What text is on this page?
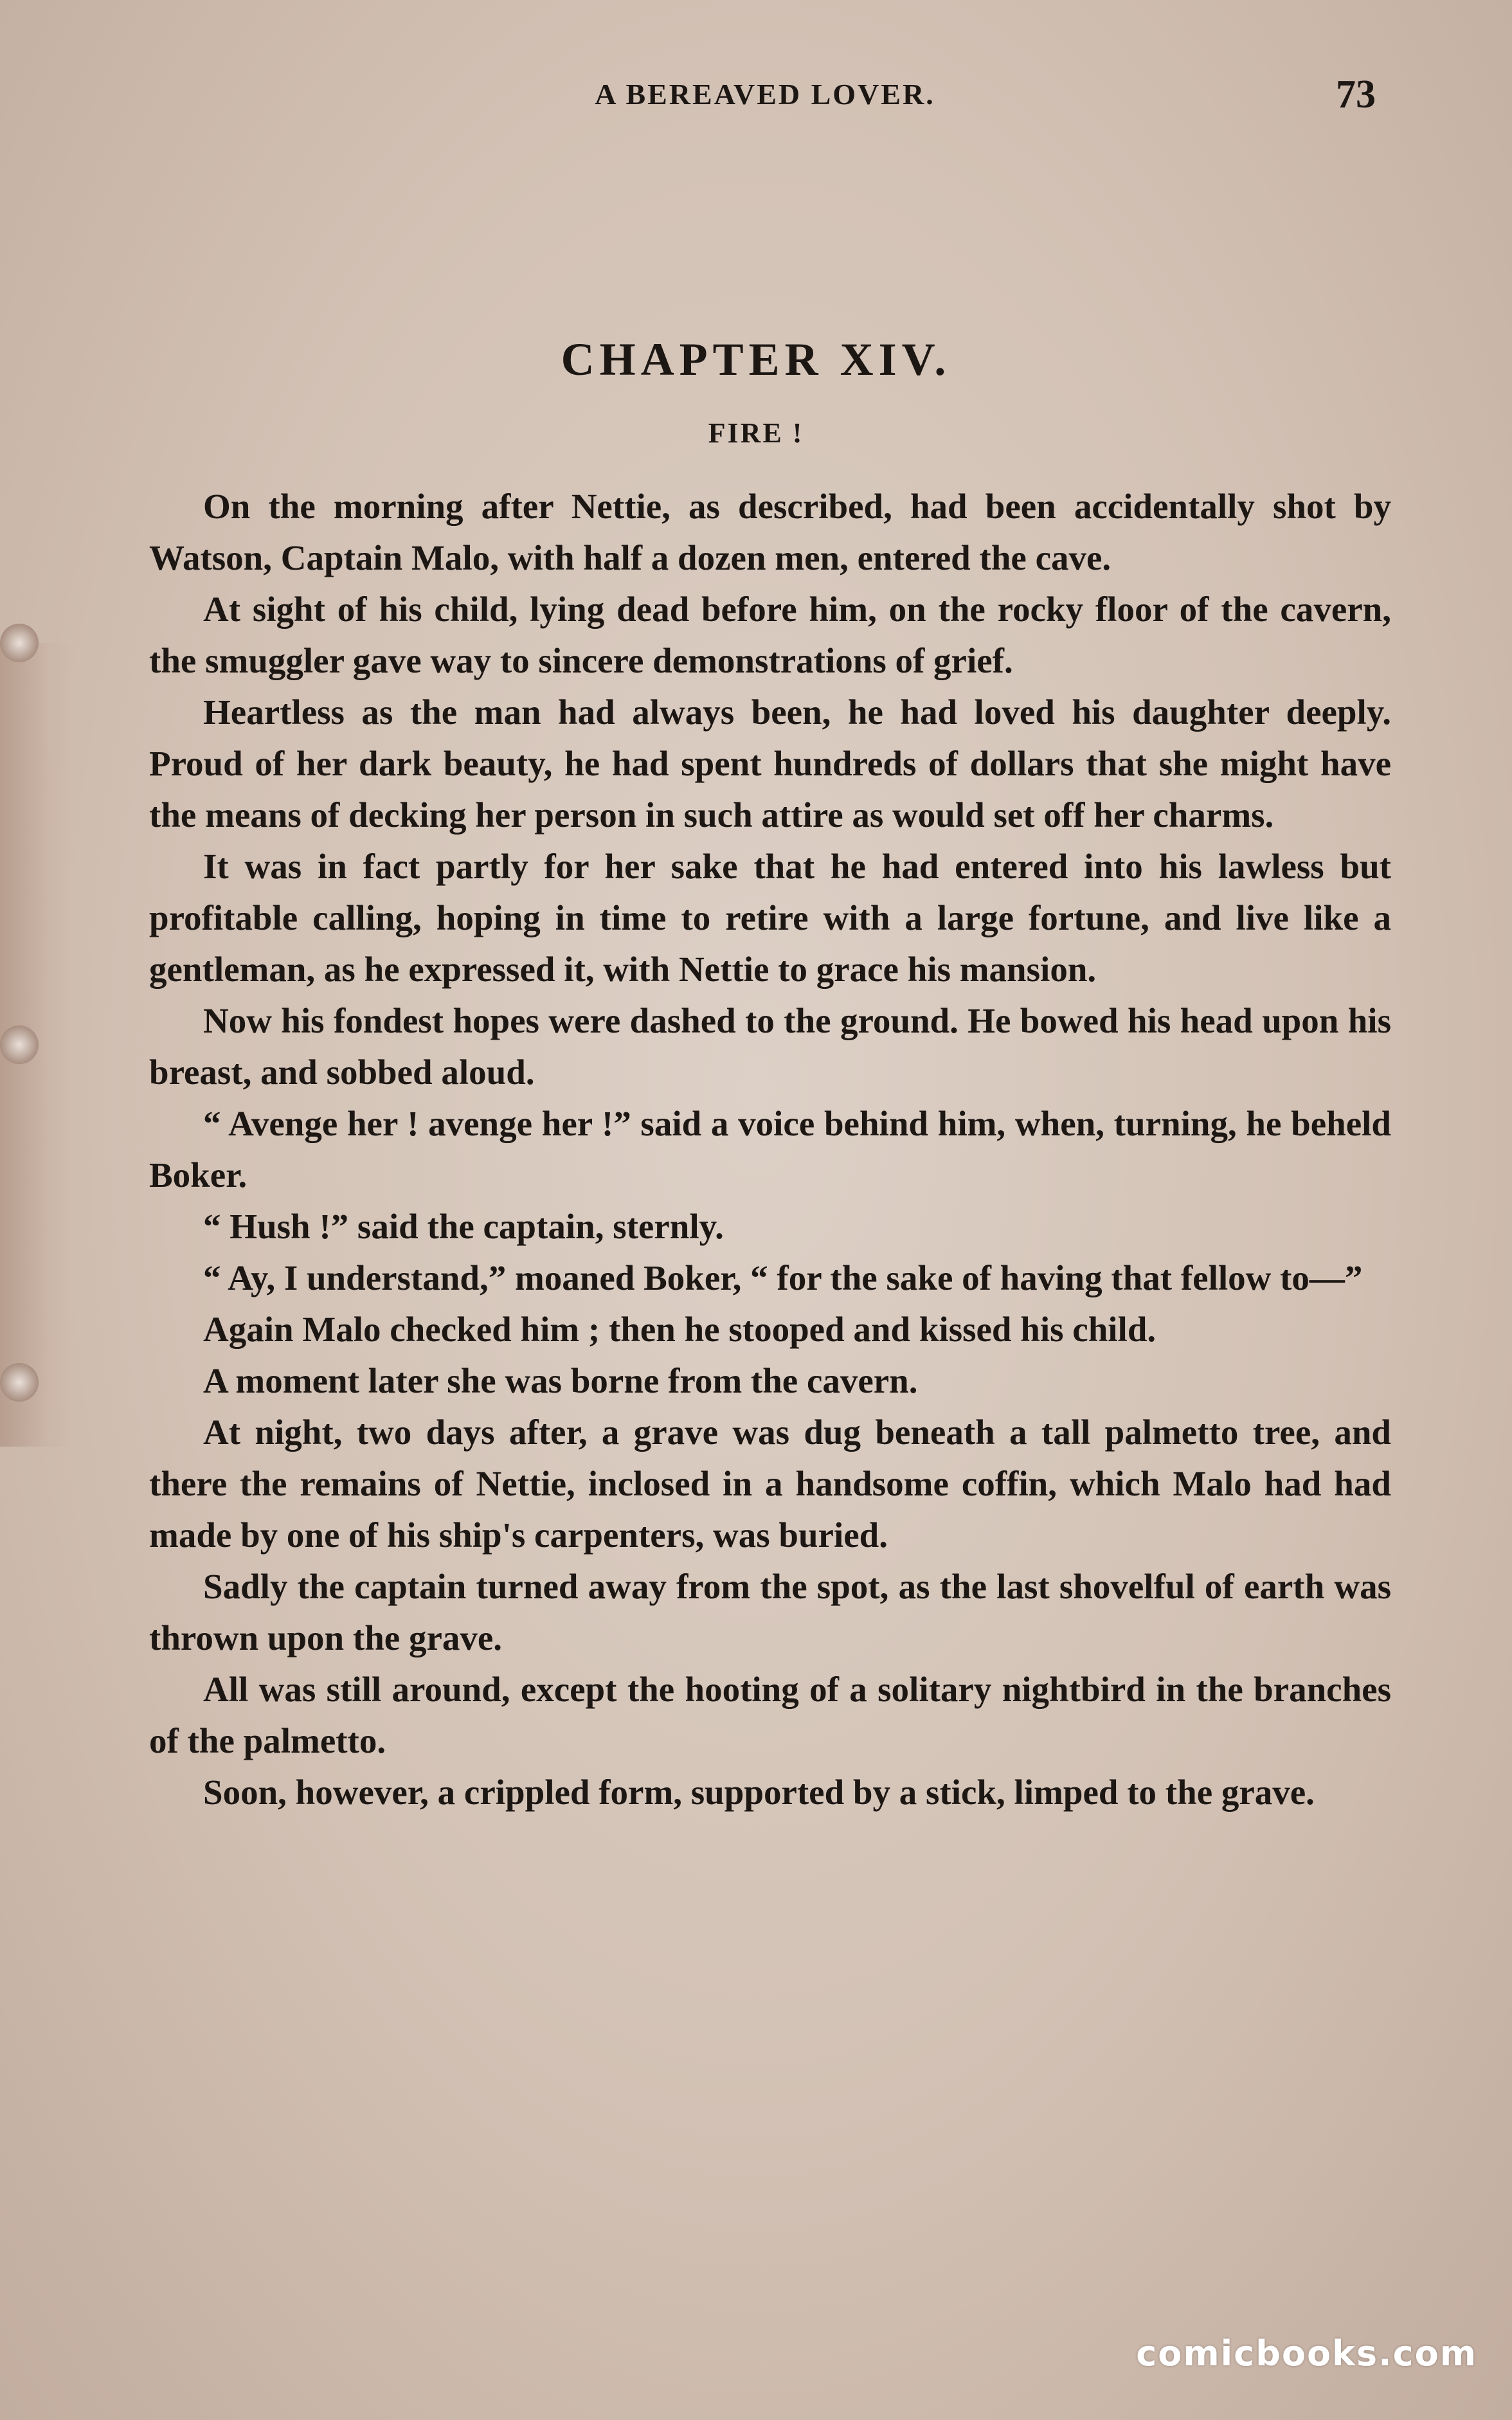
A BEREAVED LOVER.	73
CHAPTER XIV.
FIRE !

On the morning after Nettie, as described, had been accidentally shot by Watson, Captain Malo, with half a dozen men, entered the cave.

At sight of his child, lying dead before him, on the rocky floor of the cavern, the smuggler gave way to sincere demonstrations of grief.

Heartless as the man had always been, he had loved his daughter deeply. Proud of her dark beauty, he had spent hundreds of dollars that she might have the means of decking her person in such attire as would set off her charms.

It was in fact partly for her sake that he had entered into his lawless but profitable calling, hoping in time to retire with a large fortune, and live like a gentleman, as he expressed it, with Nettie to grace his mansion.

Now his fondest hopes were dashed to the ground. He bowed his head upon his breast, and sobbed aloud.

“ Avenge her ! avenge her !” said a voice behind him, when, turning, he beheld Boker.

“ Hush !” said the captain, sternly.

“ Ay, I understand,” moaned Boker, “ for the sake of having that fellow to—”

Again Malo checked him ; then he stooped and kissed his child.

A moment later she was borne from the cavern.

At night, two days after, a grave was dug beneath a tall palmetto tree, and there the remains of Nettie, inclosed in a handsome coffin, which Malo had had made by one of his ship's carpenters, was buried.

Sadly the captain turned away from the spot, as the last shovelful of earth was thrown upon the grave.

All was still around, except the hooting of a solitary nightbird in the branches of the palmetto.

Soon, however, a crippled form, supported by a stick, limped to the grave.

comicbooks.com
